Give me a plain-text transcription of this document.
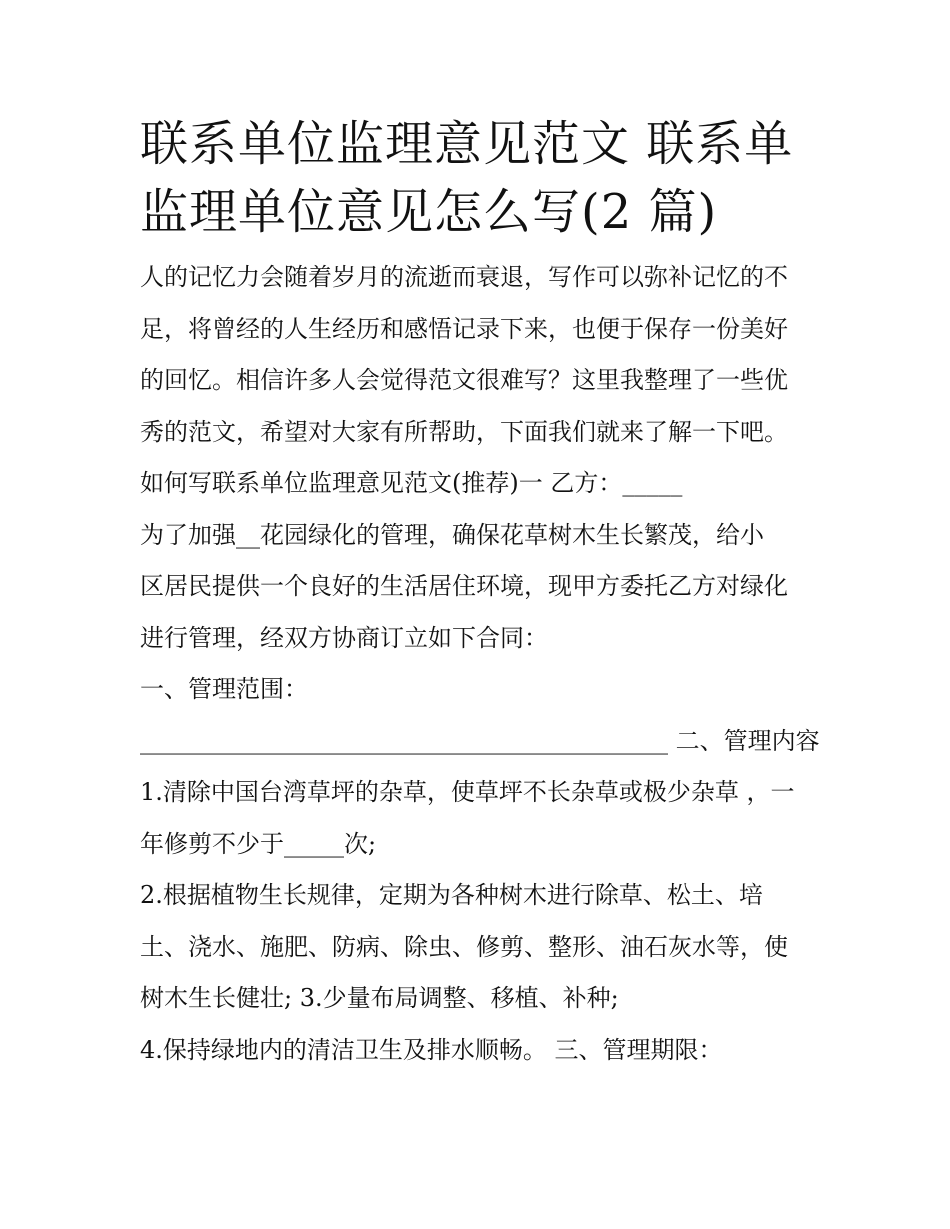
联系单位监理意见范文 联系单
监理单位意见怎么写(2 篇)

人的记忆力会随着岁月的流逝而衰退，写作可以弥补记忆的不

足，将曾经的人生经历和感悟记录下来，也便于保存一份美好

的回忆。相信许多人会觉得范文很难写？这里我整理了一些优

秀的范文，希望对大家有所帮助，下面我们就来了解一下吧。

如何写联系单位监理意见范文(推荐)一 乙方：_____

为了加强__花园绿化的管理，确保花草树木生长繁茂，给小

区居民提供一个良好的生活居住环境，现甲方委托乙方对绿化

进行管理，经双方协商订立如下合同：

一、管理范围：

____________________________________________ 二、管理内容

1.清除中国台湾草坪的杂草，使草坪不长杂草或极少杂草 ，一

年修剪不少于_____次;

2.根据植物生长规律，定期为各种树木进行除草、松土、培

土、浇水、施肥、防病、除虫、修剪、整形、油石灰水等，使

树木生长健壮; 3.少量布局调整、移植、补种;

4.保持绿地内的清洁卫生及排水顺畅。 三、管理期限：
